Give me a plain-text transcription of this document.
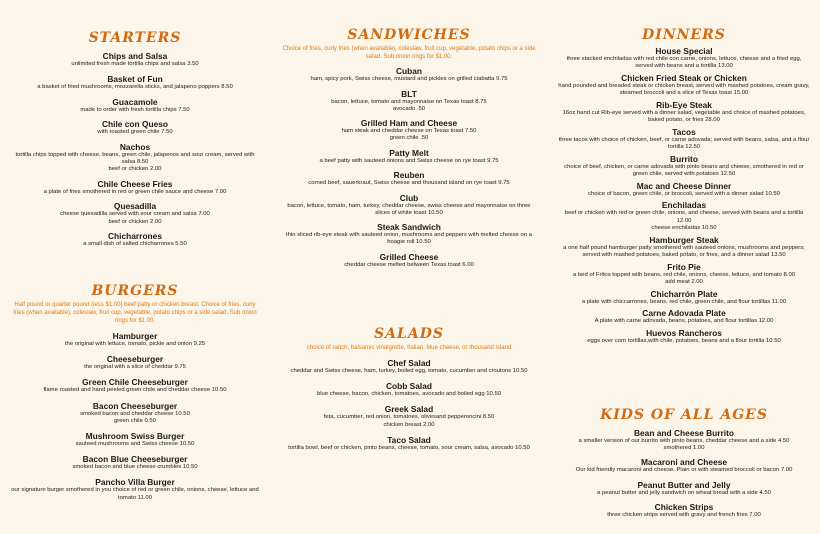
STARTERS
Chips and Salsa
unlimited fresh made tortilla chips and salsa 3.50
Basket of Fun
a basket of fried mushrooms, mozzarella sticks, and jalapeno poppers 8.50
Guacamole
made to order with fresh tortilla chips 7.50
Chile con Queso
with roasted green chile 7.50
Nachos
tortilla chips topped with cheese, beans, green chile, jalapenos and sour cream, served with salsa 8.50
beef or chicken 2.00
Chile Cheese Fries
a plate of fries smothered in red or green chile sauce and cheese 7.00
Quesadilla
cheese quesadilla served with sour cream and salsa 7.00
beef or chicken 2.00
Chicharrones
a small dish of salted chicharrones 5.50
BURGERS
Half pound or quarter pound (less $1.00) beef patty or chicken breast. Choice of fries, curly fries (when available), coleslaw, fruit cup, vegetable, potato chips or a side salad. Sub onion rings for $1.00.
Hamburger
the original with lettuce, tomato, pickle and onion 9.25
Cheeseburger
the original with a slice of cheddar 9.75
Green Chile Cheeseburger
flame roasted and hand peeled green chile and cheddar cheese 10.50
Bacon Cheeseburger
smoked bacon and cheddar cheese 10.50
green chile 0.50
Mushroom Swiss Burger
sauteed mushrooms and Swiss cheese 10.50
Bacon Blue Cheeseburger
smoked bacon and blue cheese crumbles 10.50
Pancho Villa Burger
our signature burger smothered in you choice of red or green chile, onions, cheese, lettuce and tomato 11.00
SANDWICHES
Choice of fries, curly fries (when available), coleslaw, fruit cup, vegetable, potato chips or a side salad. Sub onion rings for $1.00.
Cuban
ham, spicy pork, Swiss cheese, mustard and pickles on grilled ciabatta 9.75
BLT
bacon, lettuce, tomato and mayonnaise on Texas toast 8.75
avocado .50
Grilled Ham and Cheese
ham steak and cheddar cheese on Texas toast 7.50
green chile .50
Patty Melt
a beef patty with sauteed onions and Swiss cheese on rye toast 9.75
Reuben
corned beef, sauerkraut, Swiss cheese and thousand island on rye toast 9.75
Club
bacon, lettuce, tomato, ham, turkey, cheddar cheese, swiss cheese and mayonnaise on three slices of white toast 10.50
Steak Sandwich
thin sliced rib-eye steak with sauteed onion, mushrooms and peppers with melted cheese on a hoagie roll 10.50
Grilled Cheese
cheddar cheese melted between Texas toast 6.00
SALADS
choice of ranch, balsamic vinaigrette, Italian, blue cheese, or thousand island
Chef Salad
cheddar and Swiss cheese, ham, turkey, boiled egg, tomato, cucumber and croutons 10.50
Cobb Salad
blue cheese, bacon, chicken, tomatoes, avocado and boiled egg 10.50
Greek Salad
feta, cucumber, red onion, tomatoes, olivesand pepperoncini 8.50
chicken breast 2.00
Taco Salad
tortilla bowl, beef or chicken, pinto beans, cheese, tomato, sour cream, salsa, avocado 10.50
DINNERS
House Special
three stacked enchiladas with red chile con carne, onions, lettuce, cheese and a fried egg, served with beans and a tortilla 13.00
Chicken Fried Steak or Chicken
hand pounded and breaded steak or chicken breast, served with mashed potatoes, cream gravy, steamed broccoli and a slice of Texas toast 15.00
Rib-Eye Steak
16oz hand cut Rib-eye served with a dinner salad, vegetable and choice of mashed potatoes, baked potato, or fries 28.00
Tacos
three tacos with choice of chicken, beef, or carne adovada; served with beans, salsa, and a flour tortilla 12.50
Burrito
choice of beef, chicken, or carne adovada with pinto beans and cheese, smothered in red or green chile, served with potatoes 12.50
Mac and Cheese Dinner
choice of bacon, green chile, or broccoli, served with a dinner salad 10.50
Enchiladas
beef or chicken with red or green chile, onions, and cheese, served with beans and a tortilla 12.00
cheese enchiladas 10.50
Hamburger Steak
a one half pound hamburger patty smothered with sauteed onions, mushrooms and peppers; served with mashed potatoes, baked potato, or fries, and a dinner salad 13.50
Frito Pie
a bed of Fritos topped with beans, red chile, onions, cheese, lettuce, and tomato 8.00
add meat 2.00
Chicharrón Plate
a plate with chiccarrones, beans, red chile, green chile, and flour tortillas 11.00
Carne Adovada Plate
A plate with carne adovada, beans, potatoes, and flour tortillas 12.00
Huevos Rancheros
eggs over corn tortillas,with chile, potatoes, beans and a flour tortilla 10.50
KIDS OF ALL AGES
Bean and Cheese Burrito
a smaller version of our burrito with pinto beans, cheddar cheese and a side 4.50
smothered 1.00
Macaroni and Cheese
Our kid friendly macaroni and cheese. Plain or with steamed broccoli or bacon 7.00
Peanut Butter and Jelly
a peanut butter and jelly sandwich on wheat bread with a side 4.50
Chicken Strips
three chicken strips served with gravy and french fries 7.00
